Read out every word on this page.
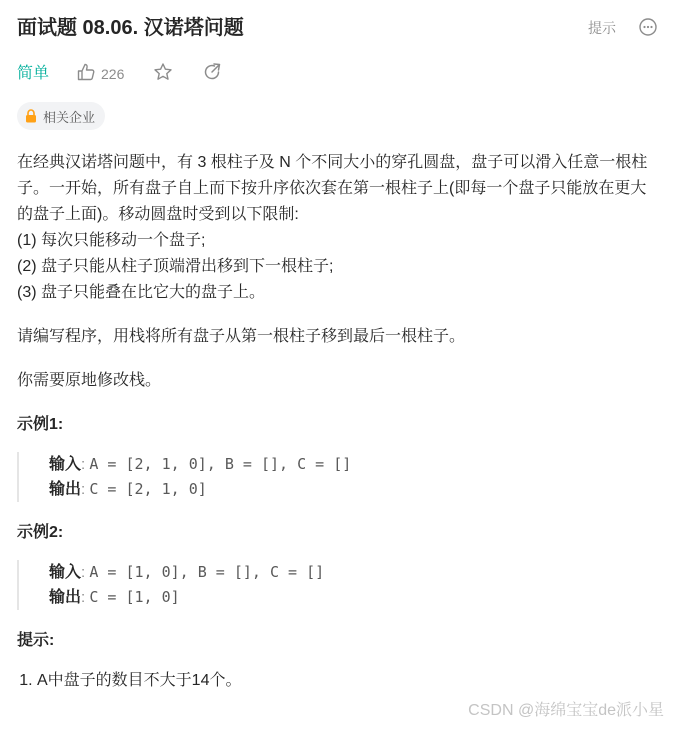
面试题 08.06. 汉诺塔问题	提示
简单	226
相关企业

在经典汉诺塔问题中，有 3 根柱子及 N 个不同大小的穿孔圆盘，盘子可以滑入任意一根柱子。一开始，所有盘子自上而下按升序依次套在第一根柱子上(即每一个盘子只能放在更大的盘子上面)。移动圆盘时受到以下限制:

(1) 每次只能移动一个盘子;

(2) 盘子只能从柱子顶端滑出移到下一根柱子;

(3) 盘子只能叠在比它大的盘子上。

请编写程序，用栈将所有盘子从第一根柱子移到最后一根柱子。

你需要原地修改栈。

示例1:
输入: A = [2, 1, 0], B = [], C = []
输出: C = [2, 1, 0]
示例2:
输入: A = [1, 0], B = [], C = []
输出: C = [1, 0]
提示:
1. A中盘子的数目不大于14个。
CSDN @海绵宝宝de派小星
